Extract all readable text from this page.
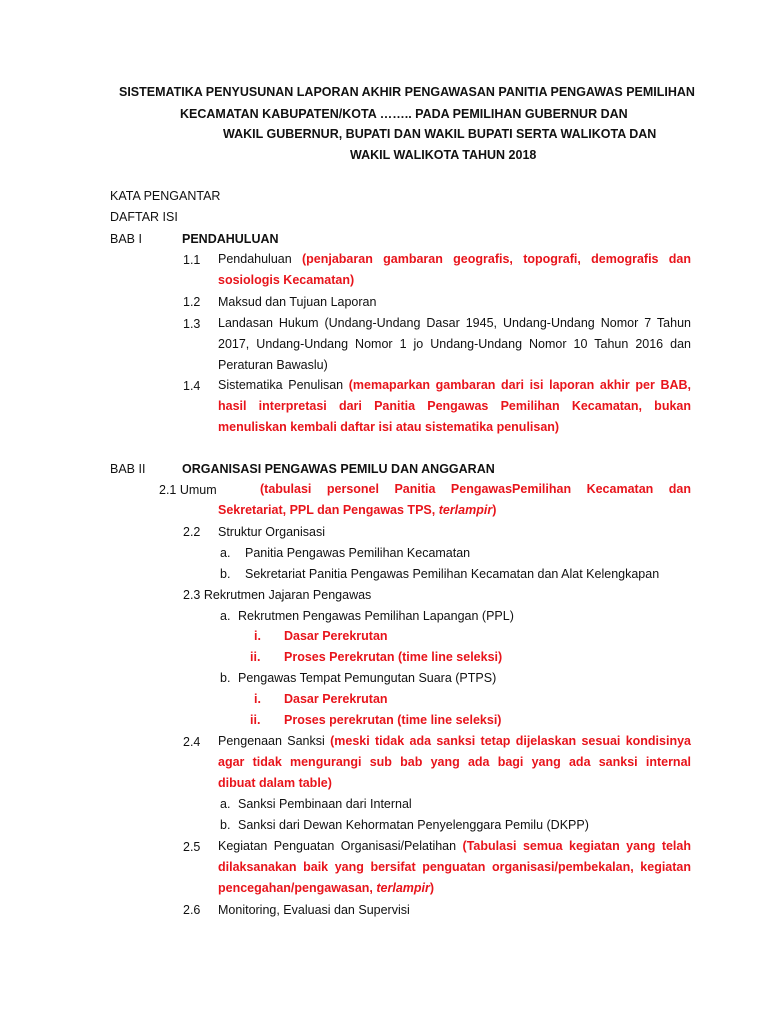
SISTEMATIKA PENYUSUNAN LAPORAN AKHIR PENGAWASAN PANITIA PENGAWAS PEMILIHAN
KECAMATAN KABUPATEN/KOTA …….. PADA PEMILIHAN GUBERNUR DAN
WAKIL GUBERNUR, BUPATI DAN WAKIL BUPATI SERTA WALIKOTA DAN
WAKIL WALIKOTA TAHUN 2018
KATA PENGANTAR
DAFTAR ISI
BAB I	PENDAHULUAN
1.1 Pendahuluan (penjabaran gambaran geografis, topografi, demografis dan
sosiologis Kecamatan)
1.2 Maksud dan Tujuan Laporan
1.3 Landasan Hukum (Undang-Undang Dasar 1945, Undang-Undang Nomor 7 Tahun
2017, Undang-Undang Nomor 1 jo Undang-Undang Nomor 10 Tahun 2016 dan
Peraturan Bawaslu)
1.4 Sistematika Penulisan (memaparkan gambaran dari isi laporan akhir per BAB,
hasil interpretasi dari Panitia Pengawas Pemilihan Kecamatan, bukan
menuliskan kembali daftar isi atau sistematika penulisan)
BAB II	ORGANISASI PENGAWAS PEMILU DAN ANGGARAN
2.1 Umum	(tabulasi personel Panitia PengawasPemilihan Kecamatan dan
Sekretariat, PPL dan Pengawas TPS, terlampir)
2.2 Struktur Organisasi
a. Panitia Pengawas Pemilihan Kecamatan
b. Sekretariat Panitia Pengawas Pemilihan Kecamatan dan Alat Kelengkapan
2.3 Rekrutmen Jajaran Pengawas
a. Rekrutmen Pengawas Pemilihan Lapangan (PPL)
i. Dasar Perekrutan
ii. Proses Perekrutan (time line seleksi)
b. Pengawas Tempat Pemungutan Suara (PTPS)
i. Dasar Perekrutan
ii. Proses perekrutan (time line seleksi)
2.4 Pengenaan Sanksi (meski tidak ada sanksi tetap dijelaskan sesuai kondisinya
agar tidak mengurangi sub bab yang ada bagi yang ada sanksi internal
dibuat dalam table)
a. Sanksi Pembinaan dari Internal
b. Sanksi dari Dewan Kehormatan Penyelenggara Pemilu (DKPP)
2.5 Kegiatan Penguatan Organisasi/Pelatihan (Tabulasi semua kegiatan yang telah
dilaksanakan baik yang bersifat penguatan organisasi/pembekalan, kegiatan
pencegahan/pengawasan, terlampir)
2.6 Monitoring, Evaluasi dan Supervisi
